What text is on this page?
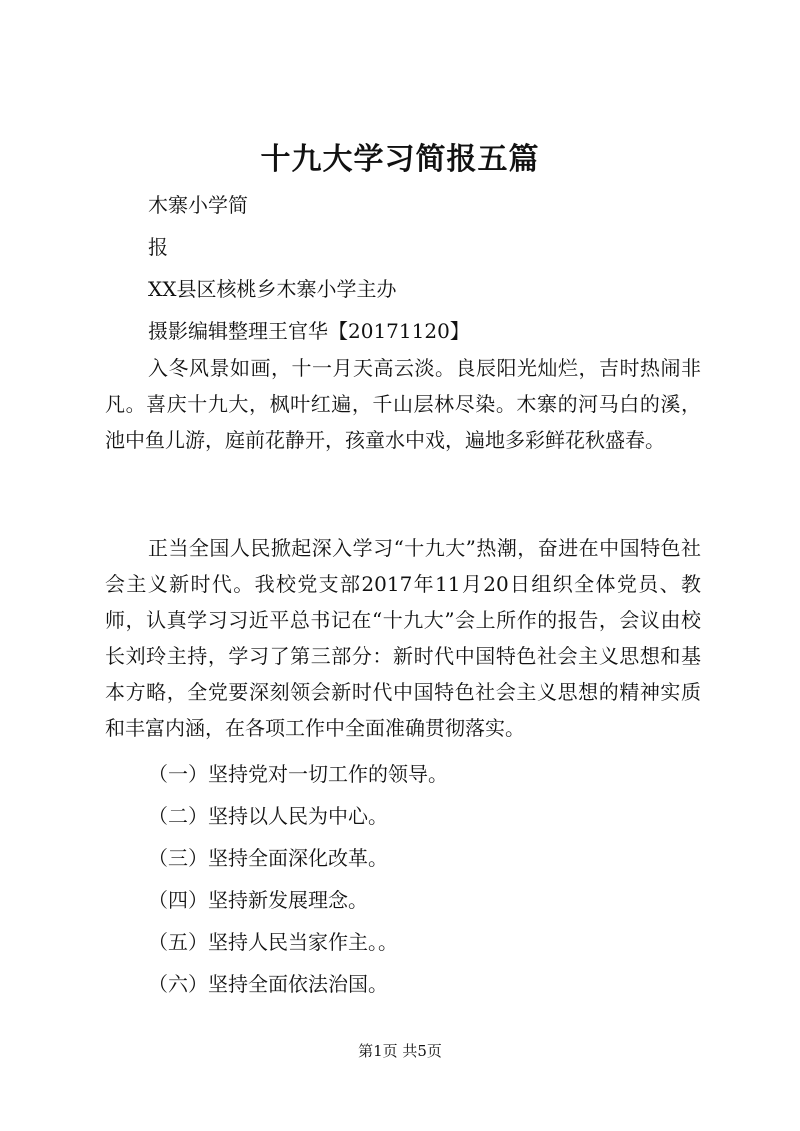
十九大学习简报五篇
木寨小学简
报
XX县区核桃乡木寨小学主办
摄影编辑整理王官华【20171120】
入冬风景如画，十一月天高云淡。良辰阳光灿烂，吉时热闹非凡。喜庆十九大，枫叶红遍，千山层林尽染。木寨的河马白的溪，池中鱼儿游，庭前花静开，孩童水中戏，遍地多彩鲜花秋盛春。
正当全国人民掀起深入学习“十九大”热潮，奋进在中国特色社会主义新时代。我校党支部2017年11月20日组织全体党员、教师，认真学习习近平总书记在“十九大”会上所作的报告，会议由校长刘玲主持，学习了第三部分：新时代中国特色社会主义思想和基本方略，全党要深刻领会新时代中国特色社会主义思想的精神实质和丰富内涵，在各项工作中全面准确贯彻落实。
（一）坚持党对一切工作的领导。
（二）坚持以人民为中心。
（三）坚持全面深化改革。
（四）坚持新发展理念。
（五）坚持人民当家作主。。
（六）坚持全面依法治国。
第1页 共5页
